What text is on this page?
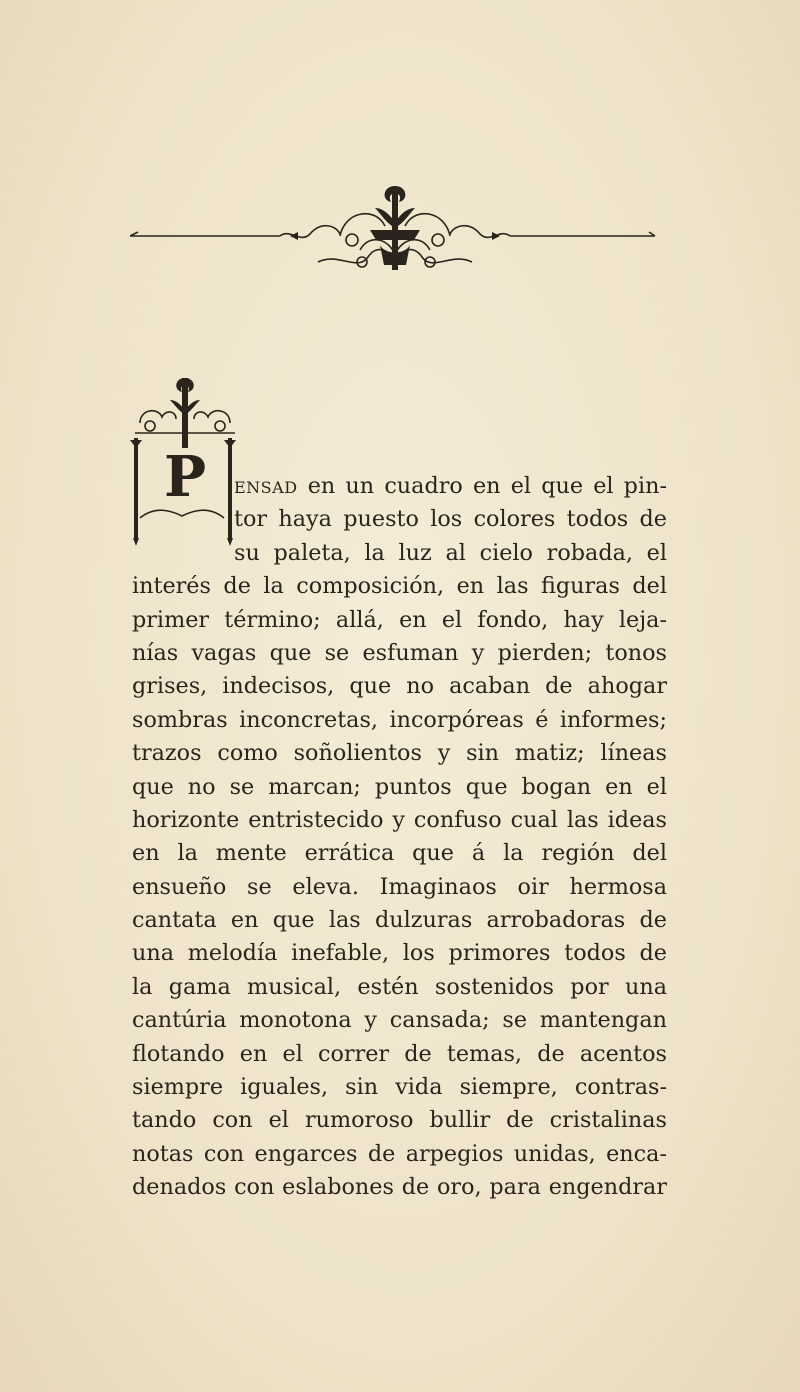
P	ensad en un cuadro en el que el pin-
tor haya puesto los colores todos de
su paleta, la luz al cielo robada, el
interés de la composición, en las figuras del
primer término; allá, en el fondo, hay leja-
nías vagas que se esfuman y pierden; tonos
grises, indecisos, que no acaban de ahogar
sombras inconcretas, incorpóreas é informes;
trazos como soñolientos y sin matiz; líneas
que no se marcan; puntos que bogan en el
horizonte entristecido y confuso cual las ideas
en la mente errática que á la región del
ensueño se eleva. Imaginaos oir hermosa
cantata en que las dulzuras arrobadoras de
una melodía inefable, los primores todos de
la gama musical, estén sostenidos por una
cantúria monotona y cansada; se mantengan
flotando en el correr de temas, de acentos
siempre iguales, sin vida siempre, contras-
tando con el rumoroso bullir de cristalinas
notas con engarces de arpegios unidas, enca-
denados con eslabones de oro, para engendrar
